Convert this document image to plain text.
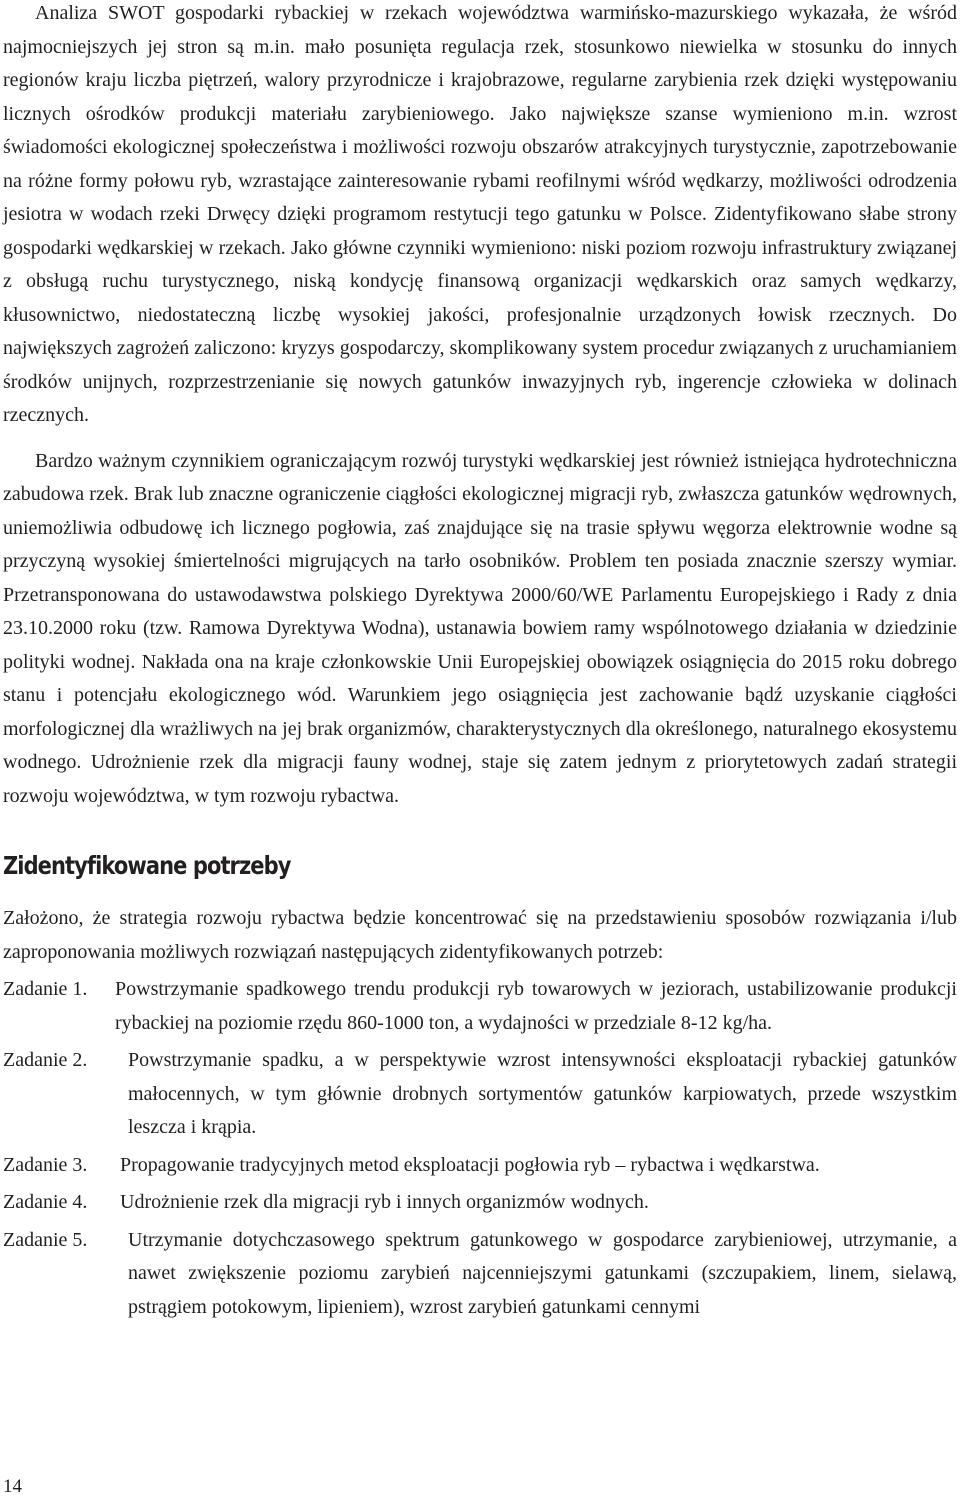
Analiza SWOT gospodarki rybackiej w rzekach województwa warmińsko-mazurskiego wykazała, że wśród najmocniejszych jej stron są m.in. mało posunięta regulacja rzek, stosunkowo niewielka w stosunku do innych regionów kraju liczba piętrzeń, walory przyrodnicze i krajobrazowe, regularne zarybienia rzek dzięki występowaniu licznych ośrodków produkcji materiału zarybieniowego. Jako największe szanse wymieniono m.in. wzrost świadomości ekologicznej społeczeństwa i możliwości rozwoju obszarów atrakcyjnych turystycznie, zapotrzebowanie na różne formy połowu ryb, wzrastające zainteresowanie rybami reofilnymi wśród wędkarzy, możliwości odrodzenia jesiotra w wodach rzeki Drwęcy dzięki programom restytucji tego gatunku w Polsce. Zidentyfikowano słabe strony gospodarki wędkarskiej w rzekach. Jako główne czynniki wymieniono: niski poziom rozwoju infrastruktury związanej z obsługą ruchu turystycznego, niską kondycję finansową organizacji wędkarskich oraz samych wędkarzy, kłusownictwo, niedostateczną liczbę wysokiej jakości, profesjonalnie urządzonych łowisk rzecznych. Do największych zagrożeń zaliczono: kryzys gospodarczy, skomplikowany system procedur związanych z uruchamianiem środków unijnych, rozprzestrzenianie się nowych gatunków inwazyjnych ryb, ingerencje człowieka w dolinach rzecznych.

Bardzo ważnym czynnikiem ograniczającym rozwój turystyki wędkarskiej jest również istniejąca hydrotechniczna zabudowa rzek. Brak lub znaczne ograniczenie ciągłości ekologicznej migracji ryb, zwłaszcza gatunków wędrownych, uniemożliwia odbudowę ich licznego pogłowia, zaś znajdujące się na trasie spływu węgorza elektrownie wodne są przyczyną wysokiej śmiertelności migrujących na tarło osobników. Problem ten posiada znacznie szerszy wymiar. Przetransponowana do ustawodawstwa polskiego Dyrektywa 2000/60/WE Parlamentu Europejskiego i Rady z dnia 23.10.2000 roku (tzw. Ramowa Dyrektywa Wodna), ustanawia bowiem ramy wspólnotowego działania w dziedzinie polityki wodnej. Nakłada ona na kraje członkowskie Unii Europejskiej obowiązek osiągnięcia do 2015 roku dobrego stanu i potencjału ekologicznego wód. Warunkiem jego osiągnięcia jest zachowanie bądź uzyskanie ciągłości morfologicznej dla wrażliwych na jej brak organizmów, charakterystycznych dla określonego, naturalnego ekosystemu wodnego. Udrożnienie rzek dla migracji fauny wodnej, staje się zatem jednym z priorytetowych zadań strategii rozwoju województwa, w tym rozwoju rybactwa.

Zidentyfikowane potrzeby

Założono, że strategia rozwoju rybactwa będzie koncentrować się na przedstawieniu sposobów rozwiązania i/lub zaproponowania możliwych rozwiązań następujących zidentyfikowanych potrzeb:

Zadanie 1.	Powstrzymanie spadkowego trendu produkcji ryb towarowych w jeziorach, ustabilizowanie produkcji rybackiej na poziomie rzędu 860-1000 ton, a wydajności w przedziale 8-12 kg/ha.
Zadanie 2.	Powstrzymanie spadku, a w perspektywie wzrost intensywności eksploatacji rybackiej gatunków małocennych, w tym głównie drobnych sortymentów gatunków karpiowatych, przede wszystkim leszcza i krąpia.
Zadanie 3.	Propagowanie tradycyjnych metod eksploatacji pogłowia ryb – rybactwa i wędkarstwa.
Zadanie 4.	Udrożnienie rzek dla migracji ryb i innych organizmów wodnych.
Zadanie 5.	Utrzymanie dotychczasowego spektrum gatunkowego w gospodarce zarybieniowej, utrzymanie, a nawet zwiększenie poziomu zarybień najcenniejszymi gatunkami (szczupakiem, linem, sielawą, pstrągiem potokowym, lipieniem), wzrost zarybień gatunkami cennymi
14
